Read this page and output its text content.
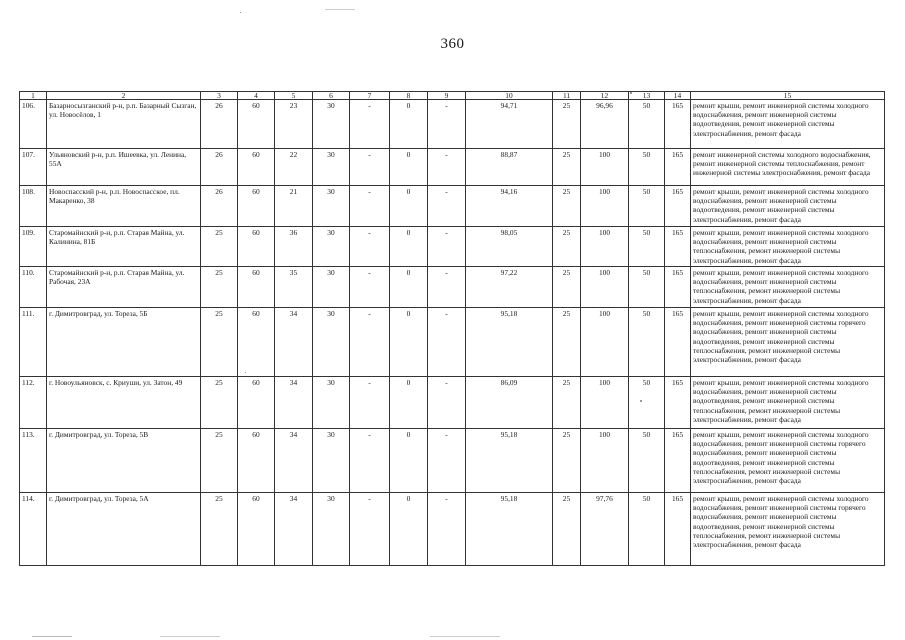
360
1	2	3	4	5	6	7	8	9	10	11	12	13	14	15
106.	Базарносызганский р-н, р.п. Базарный Сызган, ул. Новосёлов, 1	26	60	23	30	-	0	-	94,71	25	96,96	50	165	ремонт крыши, ремонт инженерной системы холодного водоснабжения, ремонт инженерной системы водоотведения, ремонт инженерной системы электроснабжения, ремонт фасада
107.	Ульяновский р-н, р.п. Ишеевка, ул. Ленина, 55А	26	60	22	30	-	0	-	88,87	25	100	50	165	ремонт инженерной системы холодного водоснабжения, ремонт инженерной системы теплоснабжения, ремонт инженерной системы электроснабжения, ремонт фасада
108.	Новоспасский р-н, р.п. Новоспасское, пл. Макаренко, 38	26	60	21	30	-	0	-	94,16	25	100	50	165	ремонт крыши, ремонт инженерной системы холодного водоснабжения, ремонт инженерной системы водоотведения, ремонт инженерной системы электроснабжения, ремонт фасада
109.	Старомайнский р-н, р.п. Старая Майна, ул. Калинина, 81Б	25	60	36	30	-	0	-	98,05	25	100	50	165	ремонт крыши, ремонт инженерной системы холодного водоснабжения, ремонт инженерной системы теплоснабжения, ремонт инженерной системы электроснабжения, ремонт фасада
110.	Старомайнский р-н, р.п. Старая Майна, ул. Рабочая, 23А	25	60	35	30	-	0	-	97,22	25	100	50	165	ремонт крыши, ремонт инженерной системы холодного водоснабжения, ремонт инженерной системы теплоснабжения, ремонт инженерной системы электроснабжения, ремонт фасада
111.	г. Димитровград, ул. Тореза, 5Б	25	60	34	30	-	0	-	95,18	25	100	50	165	ремонт крыши, ремонт инженерной системы холодного водоснабжения, ремонт инженерной системы горячего водоснабжения, ремонт инженерной системы водоотведения, ремонт инженерной системы теплоснабжения, ремонт инженерной системы электроснабжения, ремонт фасада
112.	г. Новоульяновск, с. Криуши, ул. Затон, 49	25	60	34	30	-	0	-	86,09	25	100	50	165	ремонт крыши, ремонт инженерной системы холодного водоснабжения, ремонт инженерной системы водоотведения, ремонт инженерной системы теплоснабжения, ремонт инженерной системы электроснабжения, ремонт фасада
113.	г. Димитровград, ул. Тореза, 5В	25	60	34	30	-	0	-	95,18	25	100	50	165	ремонт крыши, ремонт инженерной системы холодного водоснабжения, ремонт инженерной системы горячего водоснабжения, ремонт инженерной системы водоотведения, ремонт инженерной системы теплоснабжения, ремонт инженерной системы электроснабжения, ремонт фасада
114.	г. Димитровград, ул. Тореза, 5А	25	60	34	30	-	0	-	95,18	25	97,76	50	165	ремонт крыши, ремонт инженерной системы холодного водоснабжения, ремонт инженерной системы горячего водоснабжения, ремонт инженерной системы водоотведения, ремонт инженерной системы теплоснабжения, ремонт инженерной системы электроснабжения, ремонт фасада
